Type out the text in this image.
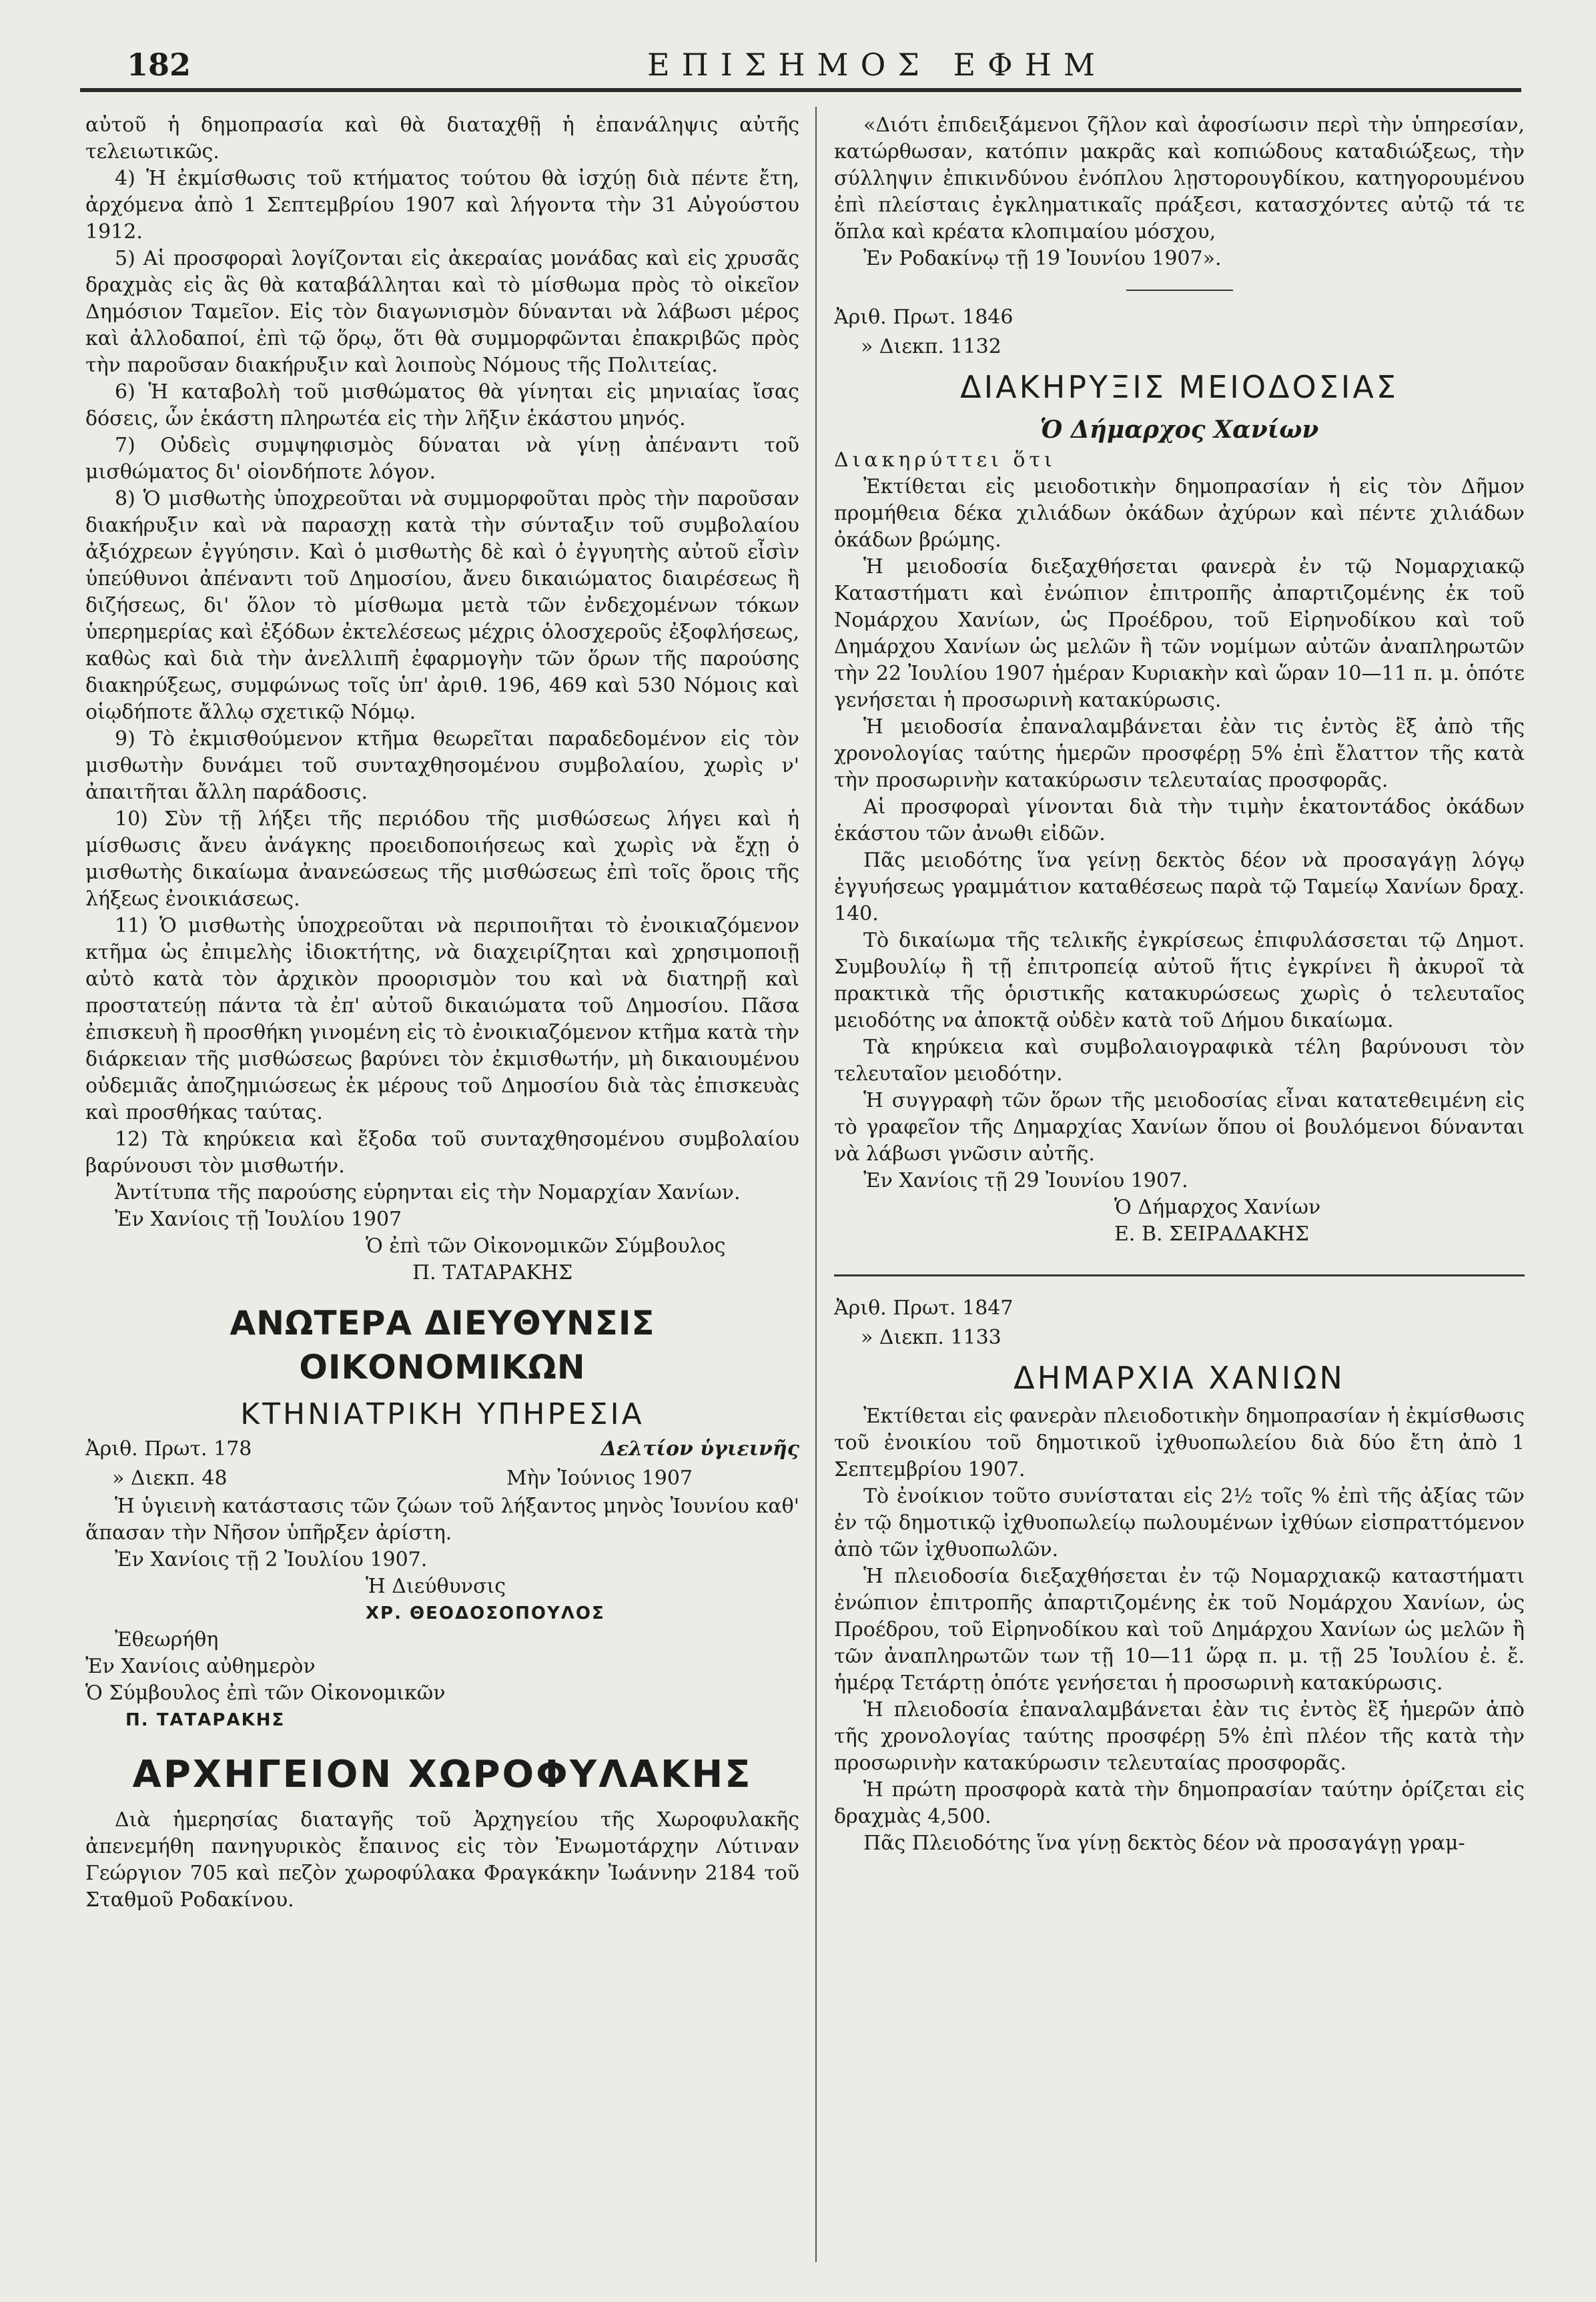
182	ΕΠΙΣΗΜΟΣ ΕΦΗΜ

αὐτοῦ ἡ δημοπρασία καὶ θὰ διαταχθῇ ἡ ἐπανάληψις αὐτῆς τελειωτικῶς.

4) Ἡ ἐκμίσθωσις τοῦ κτήματος τούτου θὰ ἰσχύῃ διὰ πέντε ἔτη, ἀρχόμενα ἀπὸ 1 Σεπτεμβρίου 1907 καὶ λήγοντα τὴν 31 Αὐγούστου 1912.

5) Αἱ προσφοραὶ λογίζονται εἰς ἀκεραίας μονάδας καὶ εἰς χρυσᾶς δραχμὰς εἰς ἃς θὰ καταβάλληται καὶ τὸ μίσθωμα πρὸς τὸ οἰκεῖον Δημόσιον Ταμεῖον. Εἰς τὸν διαγωνισμὸν δύνανται νὰ λάβωσι μέρος καὶ ἀλλοδαποί, ἐπὶ τῷ ὅρῳ, ὅτι θὰ συμμορφῶνται ἐπακριβῶς πρὸς τὴν παροῦσαν διακήρυξιν καὶ λοιποὺς Νόμους τῆς Πολιτείας.

6) Ἡ καταβολὴ τοῦ μισθώματος θὰ γίνηται εἰς μηνιαίας ἴσας δόσεις, ὧν ἑκάστη πληρωτέα εἰς τὴν λῆξιν ἑκάστου μηνός.

7) Οὐδεὶς συμψηφισμὸς δύναται νὰ γίνῃ ἀπέναντι τοῦ μισθώματος δι' οἱονδήποτε λόγον.

8) Ὁ μισθωτὴς ὑποχρεοῦται νὰ συμμορφοῦται πρὸς τὴν παροῦσαν διακήρυξιν καὶ νὰ παρασχῃ κατὰ τὴν σύνταξιν τοῦ συμβολαίου ἀξιόχρεων ἐγγύησιν. Καὶ ὁ μισθωτὴς δὲ καὶ ὁ ἐγγυητὴς αὐτοῦ εἶσὶν ὑπεύθυνοι ἀπέναντι τοῦ Δημοσίου, ἄνευ δικαιώματος διαιρέσεως ἢ διζήσεως, δι' ὅλον τὸ μίσθωμα μετὰ τῶν ἐνδεχομένων τόκων ὑπερημερίας καὶ ἐξόδων ἐκτελέσεως μέχρις ὁλοσχεροῦς ἐξοφλήσεως, καθὼς καὶ διὰ τὴν ἀνελλιπῆ ἐφαρμογὴν τῶν ὅρων τῆς παρούσης διακηρύξεως, συμφώνως τοῖς ὑπ' ἀριθ. 196, 469 καὶ 530 Νόμοις καὶ οἱῳδήποτε ἄλλῳ σχετικῷ Νόμῳ.

9) Τὸ ἐκμισθούμενον κτῆμα θεωρεῖται παραδεδομένον εἰς τὸν μισθωτὴν δυνάμει τοῦ συνταχθησομένου συμβολαίου, χωρὶς ν' ἀπαιτῆται ἄλλη παράδοσις.

10) Σὺν τῇ λήξει τῆς περιόδου τῆς μισθώσεως λήγει καὶ ἡ μίσθωσις ἄνευ ἀνάγκης προειδοποιήσεως καὶ χωρὶς νὰ ἔχῃ ὁ μισθωτὴς δικαίωμα ἀνανεώσεως τῆς μισθώσεως ἐπὶ τοῖς ὅροις τῆς λήξεως ἐνοικιάσεως.

11) Ὁ μισθωτὴς ὑποχρεοῦται νὰ περιποιῆται τὸ ἐνοικιαζόμενον κτῆμα ὡς ἐπιμελὴς ἰδιοκτήτης, νὰ διαχειρίζηται καὶ χρησιμοποιῇ αὐτὸ κατὰ τὸν ἀρχικὸν προορισμὸν του καὶ νὰ διατηρῇ καὶ προστατεύῃ πάντα τὰ ἐπ' αὐτοῦ δικαιώματα τοῦ Δημοσίου. Πᾶσα ἐπισκευὴ ἢ προσθήκη γινομένη εἰς τὸ ἐνοικιαζόμενον κτῆμα κατὰ τὴν διάρκειαν τῆς μισθώσεως βαρύνει τὸν ἐκμισθωτήν, μὴ δικαιουμένου οὐδεμιᾶς ἀποζημιώσεως ἐκ μέρους τοῦ Δημοσίου διὰ τὰς ἐπισκευὰς καὶ προσθήκας ταύτας.

12) Τὰ κηρύκεια καὶ ἔξοδα τοῦ συνταχθησομένου συμβολαίου βαρύνουσι τὸν μισθωτήν.

Ἀντίτυπα τῆς παρούσης εὑρηνται εἰς τὴν Νομαρχίαν Χανίων.

Ἐν Χανίοις τῇ Ἰουλίου 1907

Ὁ ἐπὶ τῶν Οἰκονομικῶν Σύμβουλος

Π. ΤΑΤΑΡΑΚΗΣ

ΑΝΩΤΕΡΑ ΔΙΕΥΘΥΝΣΙΣ ΟΙΚΟΝΟΜΙΚΩΝ
ΚΤΗΝΙΑΤΡΙΚΗ ΥΠΗΡΕΣΙΑ
Ἀριθ. Πρωτ. 178	Δελτίον ὑγιεινῆς
» Διεκπ. 48	Μὴν Ἰούνιος 1907

Ἡ ὑγιεινὴ κατάστασις τῶν ζώων τοῦ λήξαντος μηνὸς Ἰουνίου καθ' ἅπασαν τὴν Νῆσον ὑπῆρξεν ἀρίστη.

Ἐν Χανίοις τῇ 2 Ἰουλίου 1907.

Ἡ Διεύθυνσις

ΧΡ. ΘΕΟΔΟΣΟΠΟΥΛΟΣ

Ἐθεωρήθη

Ἐν Χανίοις αὐθημερὸν

Ὁ Σύμβουλος ἐπὶ τῶν Οἰκονομικῶν

Π. ΤΑΤΑΡΑΚΗΣ

ΑΡΧΗΓΕΙΟΝ ΧΩΡΟΦΥΛΑΚΗΣ

Διὰ ἡμερησίας διαταγῆς τοῦ Ἀρχηγείου τῆς Χωροφυλακῆς ἀπενεμήθη πανηγυρικὸς ἔπαινος εἰς τὸν Ἐνωμοτάρχην Λύτιναν Γεώργιον 705 καὶ πεζὸν χωροφύλακα Φραγκάκην Ἰωάννην 2184 τοῦ Σταθμοῦ Ροδακίνου.

«Διότι ἐπιδειξάμενοι ζῆλον καὶ ἀφοσίωσιν περὶ τὴν ὑπηρεσίαν, κατώρθωσαν, κατόπιν μακρᾶς καὶ κοπιώδους καταδιώξεως, τὴν σύλληψιν ἐπικινδύνου ἐνόπλου λῃστορουγδίκου, κατηγορουμένου ἐπὶ πλείσταις ἐγκληματικαῖς πράξεσι, κατασχόντες αὐτῷ τά τε ὅπλα καὶ κρέατα κλοπιμαίου μόσχου,

Ἐν Ροδακίνῳ τῇ 19 Ἰουνίου 1907».

Ἀριθ. Πρωτ. 1846

» Διεκπ. 1132

ΔΙΑΚΗΡΥΞΙΣ ΜΕΙΟΔΟΣΙΑΣ
Ὁ Δήμαρχος Χανίων

Διακηρύττει ὅτι

Ἐκτίθεται εἰς μειοδοτικὴν δημοπρασίαν ἡ εἰς τὸν Δῆμον προμήθεια δέκα χιλιάδων ὀκάδων ἀχύρων καὶ πέντε χιλιάδων ὀκάδων βρώμης.

Ἡ μειοδοσία διεξαχθήσεται φανερὰ ἐν τῷ Νομαρχιακῷ Καταστήματι καὶ ἐνώπιον ἐπιτροπῆς ἀπαρτιζομένης ἐκ τοῦ Νομάρχου Χανίων, ὡς Προέδρου, τοῦ Εἰρηνοδίκου καὶ τοῦ Δημάρχου Χανίων ὡς μελῶν ἢ τῶν νομίμων αὐτῶν ἀναπληρωτῶν τὴν 22 Ἰουλίου 1907 ἡμέραν Κυριακὴν καὶ ὥραν 10—11 π. μ. ὁπότε γενήσεται ἡ προσωρινὴ κατακύρωσις.

Ἡ μειοδοσία ἐπαναλαμβάνεται ἐὰν τις ἐντὸς ἓξ ἀπὸ τῆς χρονολογίας ταύτης ἡμερῶν προσφέρῃ 5% ἐπὶ ἔλαττον τῆς κατὰ τὴν προσωρινὴν κατακύρωσιν τελευταίας προσφορᾶς.

Αἱ προσφοραὶ γίνονται διὰ τὴν τιμὴν ἑκατοντάδος ὀκάδων ἑκάστου τῶν ἀνωθι εἰδῶν.

Πᾶς μειοδότης ἵνα γείνῃ δεκτὸς δέον νὰ προσαγάγῃ λόγῳ ἐγγυήσεως γραμμάτιον καταθέσεως παρὰ τῷ Ταμείῳ Χανίων δραχ. 140.

Τὸ δικαίωμα τῆς τελικῆς ἐγκρίσεως ἐπιφυλάσσεται τῷ Δημοτ. Συμβουλίῳ ἢ τῇ ἐπιτροπείᾳ αὐτοῦ ἥτις ἐγκρίνει ἢ ἀκυροῖ τὰ πρακτικὰ τῆς ὁριστικῆς κατακυρώσεως χωρὶς ὁ τελευταῖος μειοδότης να ἀποκτᾷ οὐδὲν κατὰ τοῦ Δήμου δικαίωμα.

Τὰ κηρύκεια καὶ συμβολαιογραφικὰ τέλη βαρύνουσι τὸν τελευταῖον μειοδότην.

Ἡ συγγραφὴ τῶν ὅρων τῆς μειοδοσίας εἶναι κατατεθειμένη εἰς τὸ γραφεῖον τῆς Δημαρχίας Χανίων ὅπου οἱ βουλόμενοι δύνανται νὰ λάβωσι γνῶσιν αὐτῆς.

Ἐν Χανίοις τῇ 29 Ἰουνίου 1907.

Ὁ Δήμαρχος Χανίων

Ε. Β. ΣΕΙΡΑΔΑΚΗΣ

Ἀριθ. Πρωτ. 1847

» Διεκπ. 1133

ΔΗΜΑΡΧΙΑ ΧΑΝΙΩΝ

Ἐκτίθεται εἰς φανερὰν πλειοδοτικὴν δημοπρασίαν ἡ ἐκμίσθωσις τοῦ ἐνοικίου τοῦ δημοτικοῦ ἰχθυοπωλείου διὰ δύο ἔτη ἀπὸ 1 Σεπτεμβρίου 1907.

Τὸ ἐνοίκιον τοῦτο συνίσταται εἰς 2½ τοῖς % ἐπὶ τῆς ἀξίας τῶν ἐν τῷ δημοτικῷ ἰχθυοπωλείῳ πωλουμένων ἰχθύων εἰσπραττόμενον ἀπὸ τῶν ἰχθυοπωλῶν.

Ἡ πλειοδοσία διεξαχθήσεται ἐν τῷ Νομαρχιακῷ καταστήματι ἐνώπιον ἐπιτροπῆς ἀπαρτιζομένης ἐκ τοῦ Νομάρχου Χανίων, ὡς Προέδρου, τοῦ Εἰρηνοδίκου καὶ τοῦ Δημάρχου Χανίων ὡς μελῶν ἢ τῶν ἀναπληρωτῶν των τῇ 10—11 ὥρᾳ π. μ. τῇ 25 Ἰουλίου ἐ. ἔ. ἡμέρᾳ Τετάρτῃ ὁπότε γενήσεται ἡ προσωρινὴ κατακύρωσις.

Ἡ πλειοδοσία ἐπαναλαμβάνεται ἐὰν τις ἐντὸς ἓξ ἡμερῶν ἀπὸ τῆς χρονολογίας ταύτης προσφέρῃ 5% ἐπὶ πλέον τῆς κατὰ τὴν προσωρινὴν κατακύρωσιν τελευταίας προσφορᾶς.

Ἡ πρώτη προσφορὰ κατὰ τὴν δημοπρασίαν ταύτην ὁρίζεται εἰς δραχμὰς 4,500.

Πᾶς Πλειοδότης ἵνα γίνῃ δεκτὸς δέον νὰ προσαγάγῃ γραμ-
